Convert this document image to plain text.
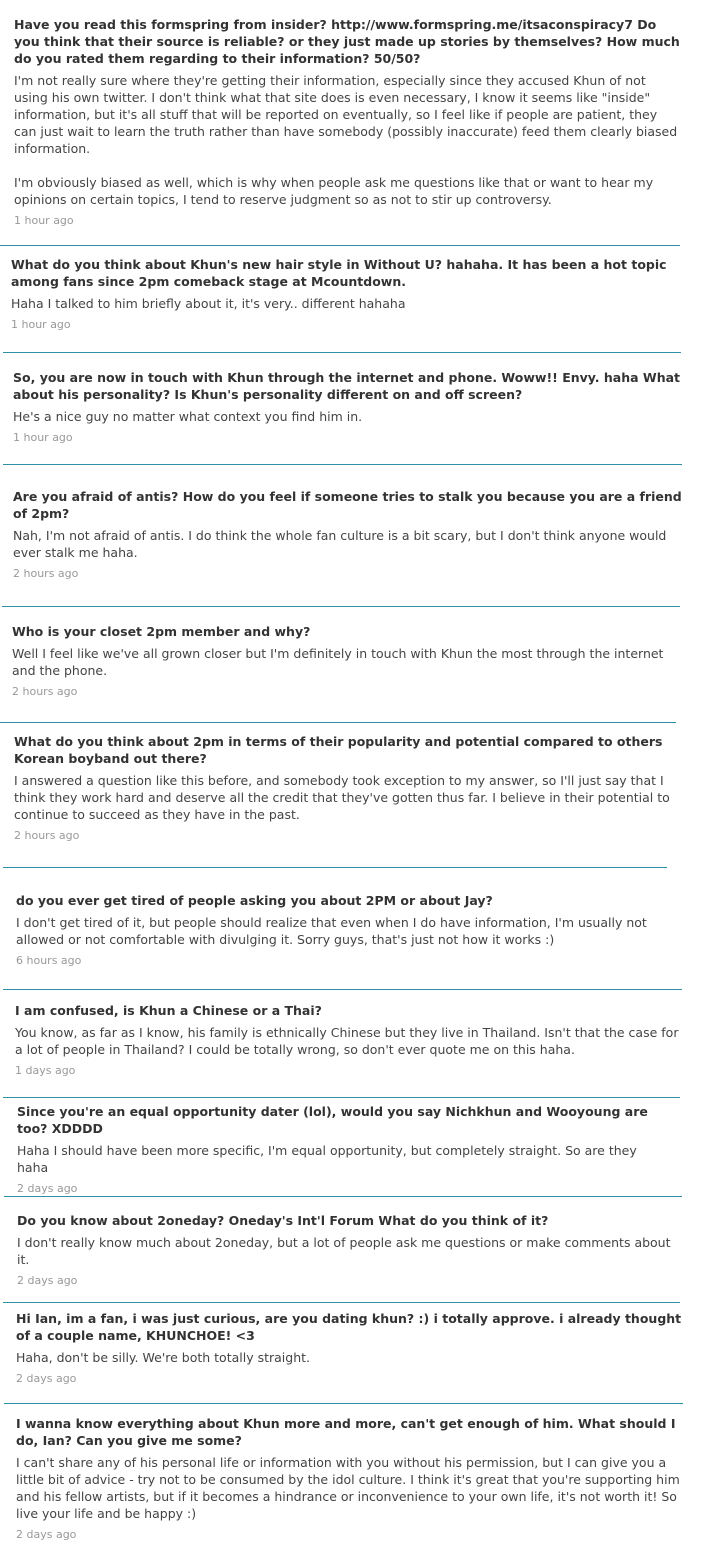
Have you read this formspring from insider? http://www.formspring.me/itsaconspiracy7 Do you think that their source is reliable? or they just made up stories by themselves? How much do you rated them regarding to their information? 50/50?

I'm not really sure where they're getting their information, especially since they accused Khun of not using his own twitter. I don't think what that site does is even necessary, I know it seems like "inside" information, but it's all stuff that will be reported on eventually, so I feel like if people are patient, they can just wait to learn the truth rather than have somebody (possibly inaccurate) feed them clearly biased information.

I'm obviously biased as well, which is why when people ask me questions like that or want to hear my opinions on certain topics, I tend to reserve judgment so as not to stir up controversy.

1 hour ago

What do you think about Khun's new hair style in Without U? hahaha. It has been a hot topic among fans since 2pm comeback stage at Mcountdown.

Haha I talked to him briefly about it, it's very.. different hahaha

1 hour ago

So, you are now in touch with Khun through the internet and phone. Woww!! Envy. haha What about his personality? Is Khun's personality different on and off screen?

He's a nice guy no matter what context you find him in.

1 hour ago

Are you afraid of antis? How do you feel if someone tries to stalk you because you are a friend of 2pm?

Nah, I'm not afraid of antis. I do think the whole fan culture is a bit scary, but I don't think anyone would ever stalk me haha.

2 hours ago

Who is your closet 2pm member and why?

Well I feel like we've all grown closer but I'm definitely in touch with Khun the most through the internet and the phone.

2 hours ago

What do you think about 2pm in terms of their popularity and potential compared to others Korean boyband out there?

I answered a question like this before, and somebody took exception to my answer, so I'll just say that I think they work hard and deserve all the credit that they've gotten thus far. I believe in their potential to continue to succeed as they have in the past.

2 hours ago

do you ever get tired of people asking you about 2PM or about Jay?

I don't get tired of it, but people should realize that even when I do have information, I'm usually not allowed or not comfortable with divulging it. Sorry guys, that's just not how it works :)

6 hours ago

I am confused, is Khun a Chinese or a Thai?

You know, as far as I know, his family is ethnically Chinese but they live in Thailand. Isn't that the case for a lot of people in Thailand? I could be totally wrong, so don't ever quote me on this haha.

1 days ago

Since you're an equal opportunity dater (lol), would you say Nichkhun and Wooyoung are too? XDDDD

Haha I should have been more specific, I'm equal opportunity, but completely straight. So are they haha

2 days ago

Do you know about 2oneday? Oneday's Int'l Forum What do you think of it?

I don't really know much about 2oneday, but a lot of people ask me questions or make comments about it.

2 days ago

Hi Ian, im a fan, i was just curious, are you dating khun? :) i totally approve. i already thought of a couple name, KHUNCHOE! <3

Haha, don't be silly. We're both totally straight.

2 days ago

I wanna know everything about Khun more and more, can't get enough of him. What should I do, Ian? Can you give me some?

I can't share any of his personal life or information with you without his permission, but I can give you a little bit of advice - try not to be consumed by the idol culture. I think it's great that you're supporting him and his fellow artists, but if it becomes a hindrance or inconvenience to your own life, it's not worth it! So live your life and be happy :)

2 days ago
